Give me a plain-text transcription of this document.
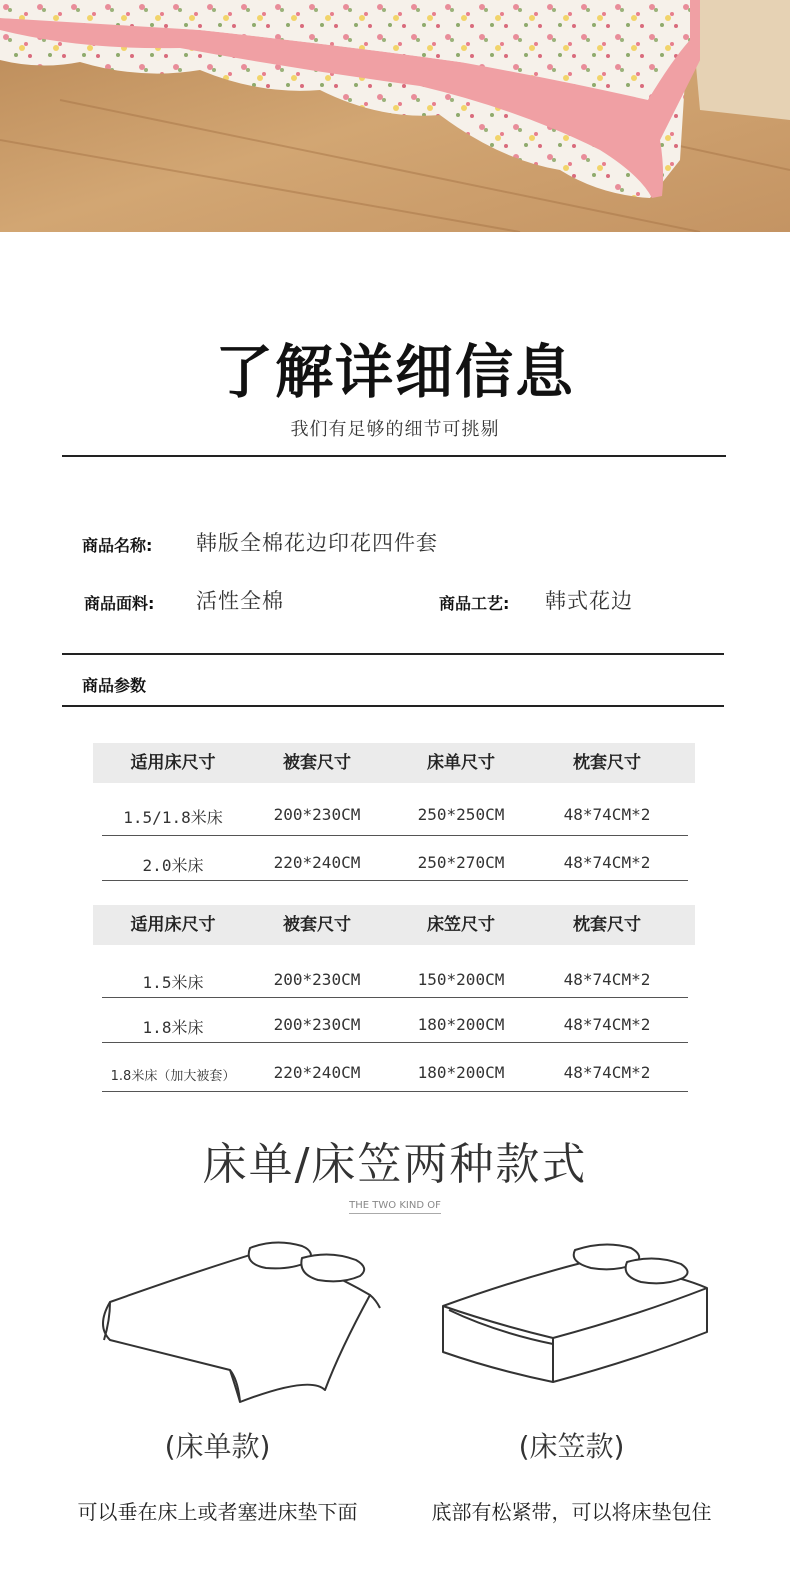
了解详细信息
我们有足够的细节可挑剔
商品名称: 韩版全棉花边印花四件套
商品面料: 活性全棉	商品工艺: 韩式花边
商品参数
适用床尺寸	被套尺寸	床单尺寸	枕套尺寸
1.5/1.8米床	200*230CM	250*250CM	48*74CM*2
2.0米床	220*240CM	250*270CM	48*74CM*2
适用床尺寸	被套尺寸	床笠尺寸	枕套尺寸
1.5米床	200*230CM	150*200CM	48*74CM*2
1.8米床	200*230CM	180*200CM	48*74CM*2
1.8米床（加大被套）	220*240CM	180*200CM	48*74CM*2
床单/床笠两种款式
THE TWO KIND OF
(床单款)
可以垂在床上或者塞进床垫下面
(床笠款)
底部有松紧带，可以将床垫包住
